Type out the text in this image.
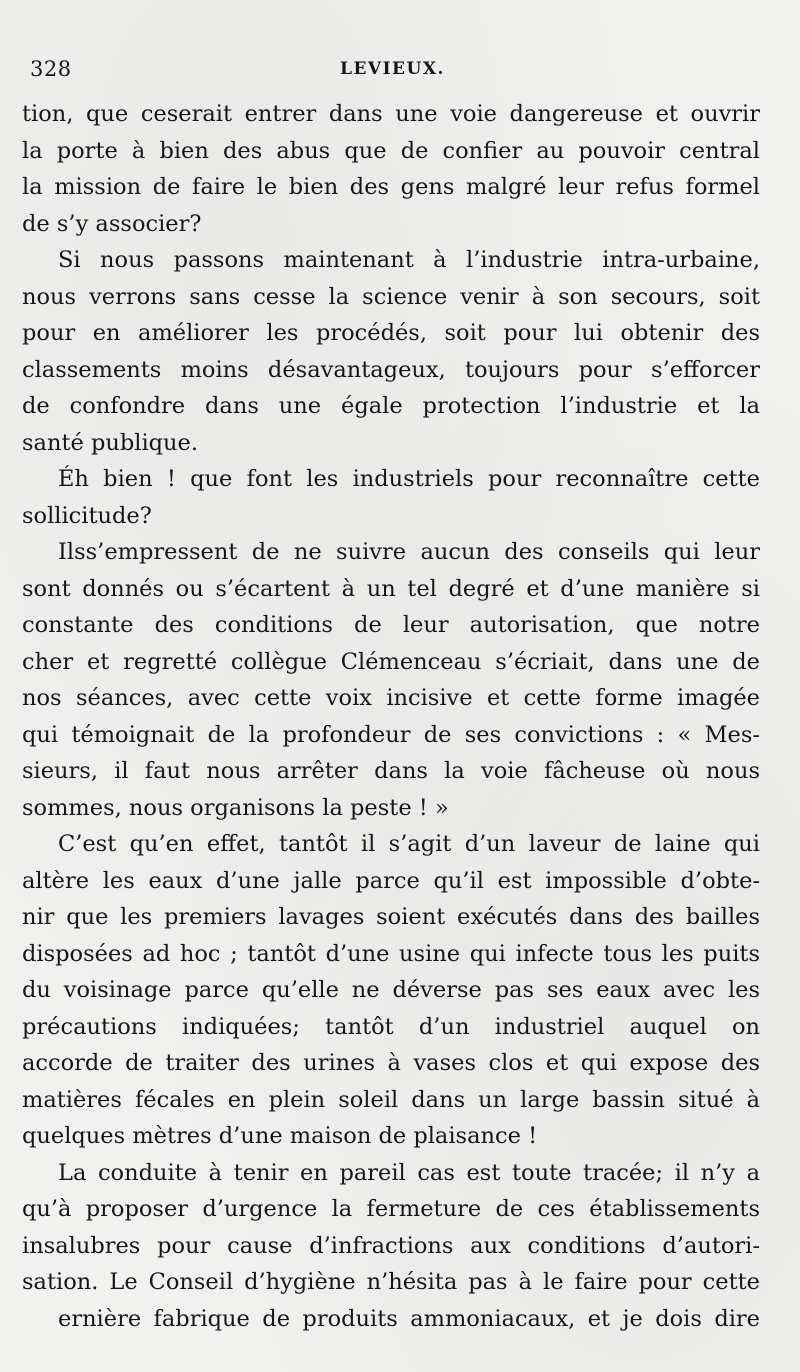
328	LEVIEUX.
tion, que ceserait entrer dans une voie dangereuse et ouvrir
la porte à bien des abus que de confier au pouvoir central
la mission de faire le bien des gens malgré leur refus formel
de s’y associer?
Si nous passons maintenant à l’industrie intra-urbaine,
nous verrons sans cesse la science venir à son secours, soit
pour en améliorer les procédés, soit pour lui obtenir des
classements moins désavantageux, toujours pour s’efforcer
de confondre dans une égale protection l’industrie et la
santé publique.
Éh bien ! que font les industriels pour reconnaître cette
sollicitude?
Ilss’empressent de ne suivre aucun des conseils qui leur
sont donnés ou s’écartent à un tel degré et d’une manière si
constante des conditions de leur autorisation, que notre
cher et regretté collègue Clémenceau s’écriait, dans une de
nos séances, avec cette voix incisive et cette forme imagée
qui témoignait de la profondeur de ses convictions : « Mes-
sieurs, il faut nous arrêter dans la voie fâcheuse où nous
sommes, nous organisons la peste ! »
C’est qu’en effet, tantôt il s’agit d’un laveur de laine qui
altère les eaux d’une jalle parce qu’il est impossible d’obte-
nir que les premiers lavages soient exécutés dans des bailles
disposées ad hoc ; tantôt d’une usine qui infecte tous les puits
du voisinage parce qu’elle ne déverse pas ses eaux avec les
précautions indiquées; tantôt d’un industriel auquel on
accorde de traiter des urines à vases clos et qui expose des
matières fécales en plein soleil dans un large bassin situé à
quelques mètres d’une maison de plaisance !
La conduite à tenir en pareil cas est toute tracée; il n’y a
qu’à proposer d’urgence la fermeture de ces établissements
insalubres pour cause d’infractions aux conditions d’autori-
sation. Le Conseil d’hygiène n’hésita pas à le faire pour cette
ernière fabrique de produits ammoniacaux, et je dois dire
